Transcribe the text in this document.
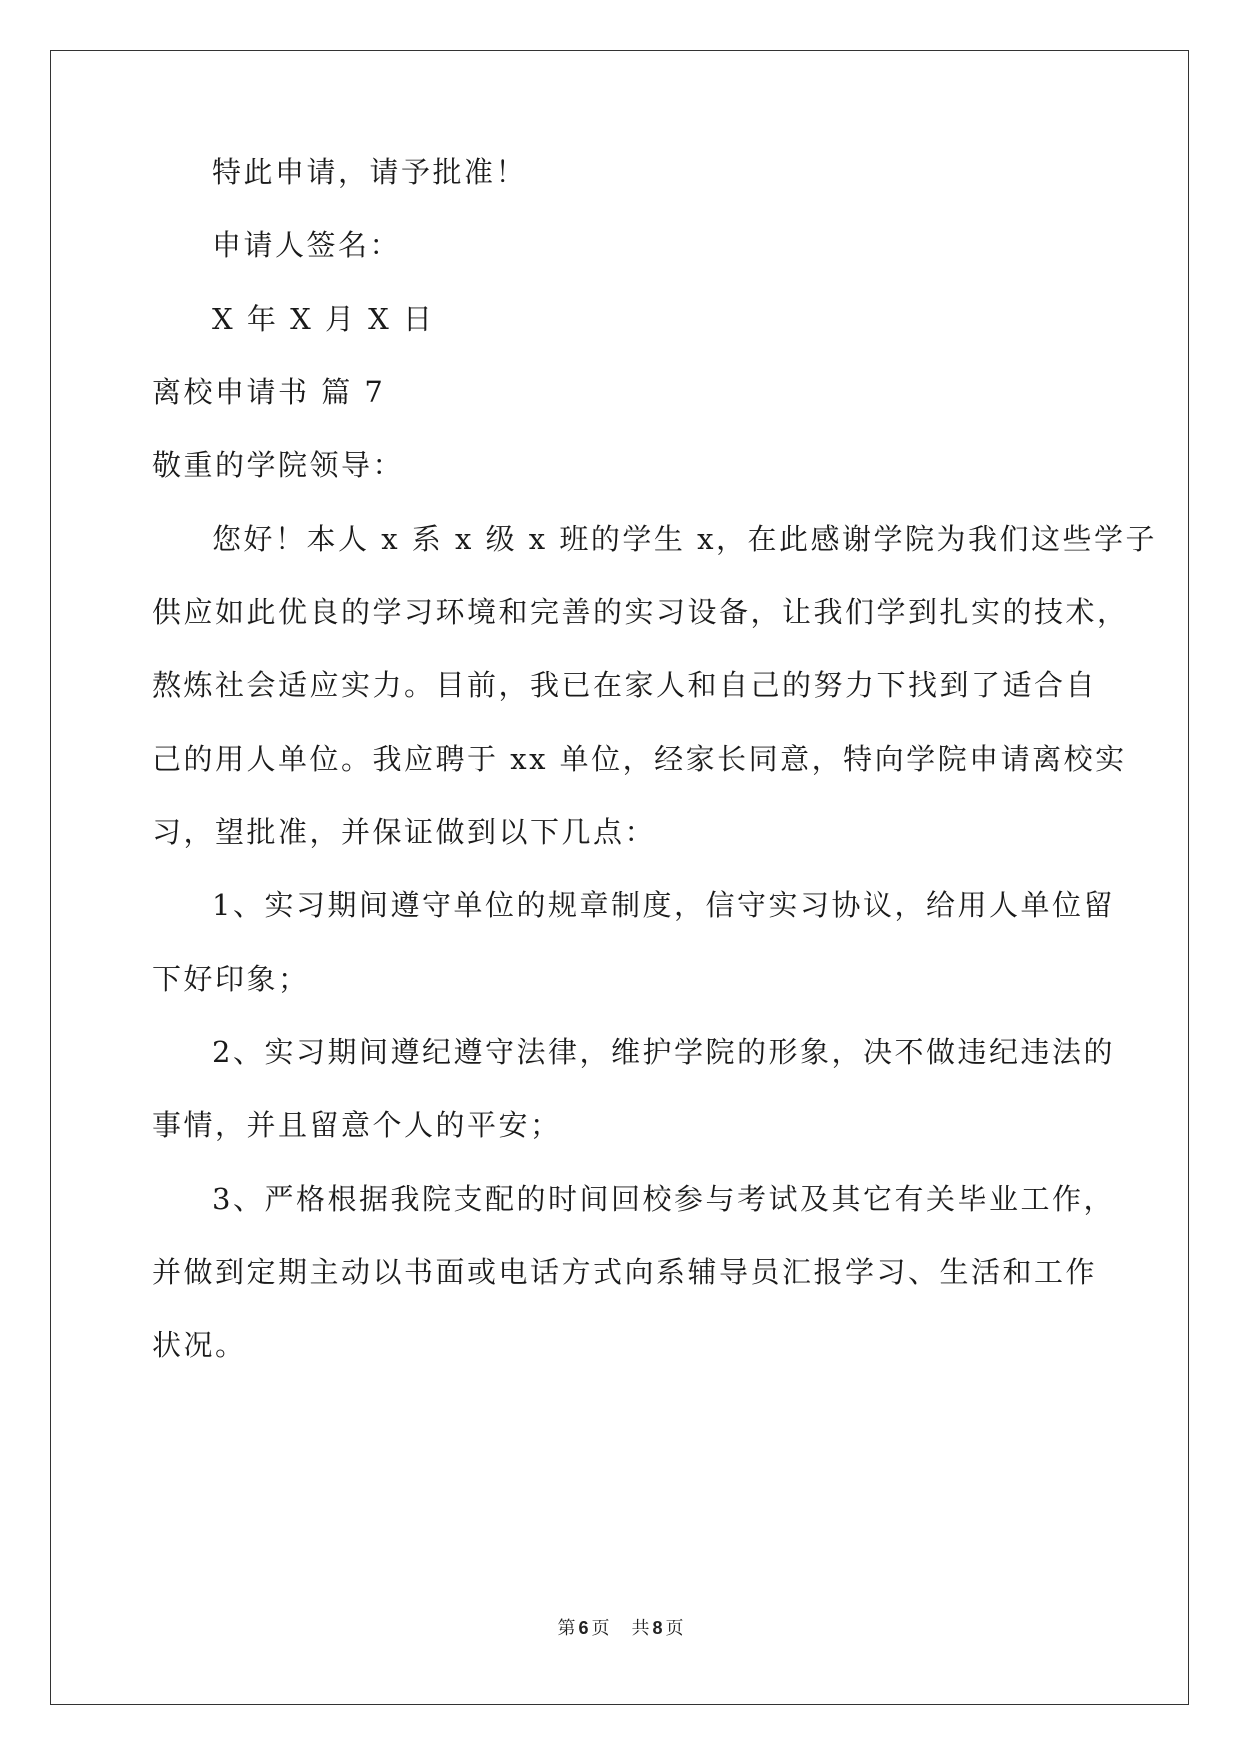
特此申请，请予批准！
申请人签名：
X 年 X 月 X 日
离校申请书 篇 7
敬重的学院领导：
您好！本人 x 系 x 级 x 班的学生 x，在此感谢学院为我们这些学子
供应如此优良的学习环境和完善的实习设备，让我们学到扎实的技术，
熬炼社会适应实力。目前，我已在家人和自己的努力下找到了适合自
己的用人单位。我应聘于 xx 单位，经家长同意，特向学院申请离校实
习，望批准，并保证做到以下几点：
1、实习期间遵守单位的规章制度，信守实习协议，给用人单位留
下好印象；
2、实习期间遵纪遵守法律，维护学院的形象，决不做违纪违法的
事情，并且留意个人的平安；
3、严格根据我院支配的时间回校参与考试及其它有关毕业工作，
并做到定期主动以书面或电话方式向系辅导员汇报学习、生活和工作
状况。
第 6 页 共 8 页
